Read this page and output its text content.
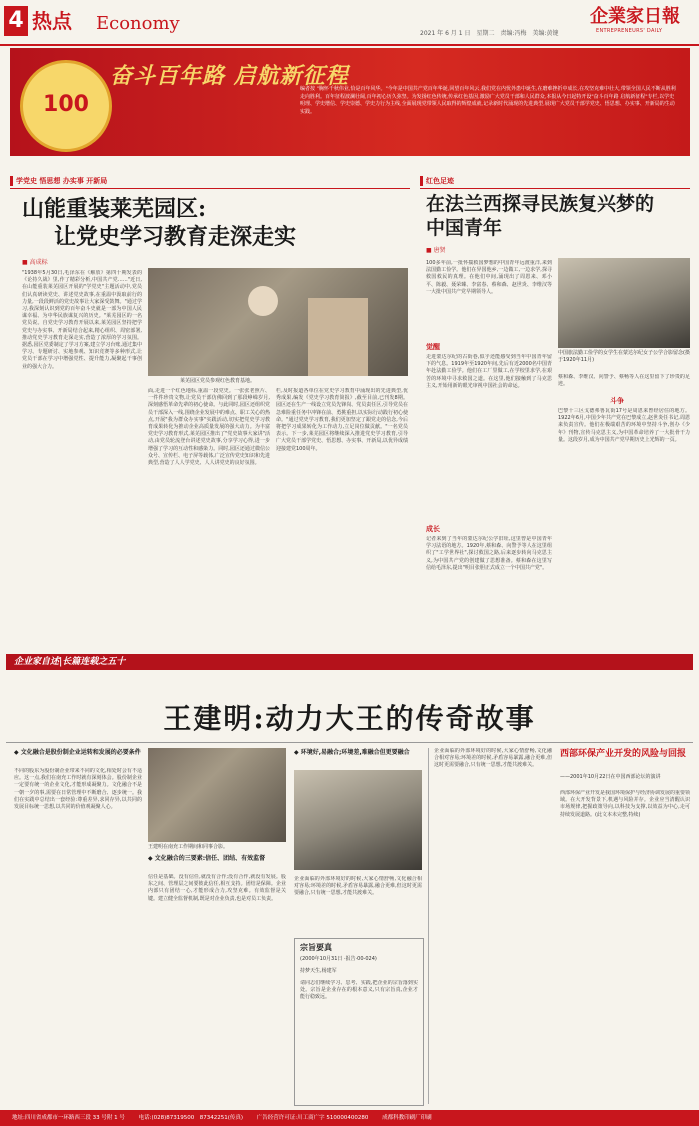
4 热点 Economy	2021 年 6 月 1 日　星期二　责编:冯梅　美编:黄键
企業家日報
ENTREPRENEURS' DAILY
100
奋斗百年路 启航新征程
编者按 "胸怀千秋伟业,恰是百年风华。"今年是中国共产党百年华诞,回望百年风云,我们党在内忧外患中诞生,在磨难挫折中成长,在攻坚克难中壮大,带领全国人民不断从胜利走向胜利。百年征程波澜壮阔,百年初心历久弥坚。为发扬红色传统,传承红色基因,激励广大党员干部和人民群众,本报从今日起特开设"奋斗百年路 启航新征程"专栏,以学史明理、学史增信、学史崇德、学史力行为主线,全面展现党带领人民取得的辉煌成就,记录新时代涌现的先进典型,展现广大党员干部学党史、悟思想、办实事、开新局的生动实践。
学党史 悟思想 办实事 开新局
山能重装莱芜园区:
让党史学习教育走深走实
■ 高成标
"1938年5月30日,毛泽东在《解放》第四十期发表的《论持久战》里,作了精彩分析,中国共产党……"近日,在山能重装莱芜园区开展的"学党史"主题活动中,党员们认真研读党史、讲述党史故事,在重温中汲取前行的力量,一段段鲜活的党史故事让大家深受鼓舞。"通过学习,我深刻认识到党的百年奋斗史就是一部为中国人民谋幸福、为中华民族谋复兴的历史。"莱芜园区的一名党员说。自党史学习教育开展以来,莱芜园区坚持把学党史与办实事、开新局结合起来,精心组织、周密部署,推动党史学习教育走深走实,营造了浓厚的学习氛围。据悉,园区党委制定了学习方案,建立学习台账,通过集中学习、专题研讨、实地参观、知识竞赛等多种形式,让党员干部在学习中增强党性、提升能力,凝聚起干事创业的强大合力。
莱芜园区党员参观红色教育基地。
面,走进一个红色地标,重温一段党史。一张张老照片、一件件珍贵文物,让党员干部仿佛回到了那段峥嵘岁月,深刻感悟革命先辈的初心使命。与此同时,园区还组织党员干部深入一线,围绕企业发展中的难点、职工关心的热点,开展"我为群众办实事"实践活动,切实把党史学习教育成果转化为推动企业高质量发展的强大动力。为丰富党史学习教育形式,莱芜园区推出了"党史故事大家讲"活动,由党员轮流登台讲述党史故事,分享学习心得,进一步增强了学习的互动性和感染力。同时,园区还通过微信公众号、宣传栏、电子屏等载体,广泛宣传党史知识和先进典型,营造了人人学党史、人人讲党史的良好氛围。
栏,及时报道各单位在党史学习教育中涌现出的先进典型,优秀成果,编发《党史学习教育简报》,截至目前,已刊发8期。园区还在生产一线设立党员先锋岗、党员责任区,引导党员在急难险重任务中冲锋在前、勇挑重担,以实际行动践行初心使命。"通过党史学习教育,我们更加坚定了跟党走的信念,今后将把学习成果转化为工作动力,立足岗位做贡献。"一名党员表示。下一步,莱芜园区将继续深入推进党史学习教育,引导广大党员干部学党史、悟思想、办实事、开新局,以优异成绩迎接建党100周年。
红色足迹
在法兰西探寻民族复兴梦的
中国青年
■ 唐贤
100多年前,一批怀揣救国梦想的中国青年远渡重洋,来到法国勤工俭学。他们在异国他乡,一边做工,一边求学,探寻救国救民的真理。在他们中间,涌现出了周恩来、邓小平、陈毅、聂荣臻、李富春、蔡和森、赵世炎、李维汉等一大批中国共产党早期领导人。
觉醒
走进蒙达尔纪的古街巷,似乎还能感受到当年中国青年留下的气息。1919年至1920年间,先后有近2000名中国青年赴法勤工俭学。他们在工厂里做工,在学校里求学,在艰苦的环境中寻求救国之道。在这里,他们接触到了马克思主义,开始用新的眼光审视中国社会的命运。
成长
记者来到了当年的蒙达尔纪公学旧址,这里曾是中国青年学习法语的地方。1920年,蔡和森、向警予等人在这里组织了"工学世界社",探讨救国之路,后来逐步转向马克思主义,为中国共产党的创建做了思想准备。蔡和森在这里写信给毛泽东,提出"明目张胆正式成立一个中国共产党"。
中国旅法勤工俭学的女学生在蒙达尔纪女子公学合影留念(摄于1920年11月)
蔡和森、李维汉、向警予、蔡畅等人在这里留下了珍贵的足迹。
斗争
巴黎十三区戈德弗鲁瓦街17号是周恩来曾经居住的地方。1922年6月,中国少年共产党在巴黎成立,赵世炎任书记,周恩来负责宣传。他们在极端艰苦的环境中坚持斗争,创办《少年》刊物,宣传马克思主义,为中国革命培养了一大批骨干力量。这段岁月,成为中国共产党早期历史上光辉的一页。
企业家自述|长篇连载之五十
王建明:动力大王的传奇故事
◆ 文化融合是股份制企业运转和发展的必要条件
不同的股东为股份制企业带来不同的文化,相处时会有不适应。这一点,我们在南充工作时就有深刻体会。股份制企业一定要有统一的企业文化,才能形成凝聚力。文化融合不是一朝一夕的事,需要在日常管理中不断磨合、逐步统一。我们在实践中总结出一套经验:尊重差异,求同存异,以共同的发展目标统一思想,以共同的价值观凝聚人心。
王建明在南充工作期间和同事合影。
◆ 文化融合的三要素:信任、团结、有效监督
信任是基础。没有信任,就没有合作;没有合作,就没有发展。股东之间、管理层之间要彼此信任,相互支持。团结是保障。企业内部只有团结一心,才能形成合力,攻坚克难。有效监督是关键。建立健全监督机制,既是对企业负责,也是对员工负责。
◆ 环境好,易融合;环境差,难融合但更要融合
企业面临的外部环境好的时候,大家心情舒畅,文化融合相对容易;环境差的时候,矛盾容易暴露,融合更难,但这时更需要融合,只有统一思想,才能共渡难关。
宗旨要真
(2000年10月31日 ·报告·00-024)
持梦天生,杨建军
请同志们继续学习、思考、实践,把企业的宗旨落到实处。宗旨是企业存在的根本意义,只有宗旨真,企业才能行稳致远。
企业面临的外部环境好的时候,大家心情舒畅,文化融合相对容易;环境差的时候,矛盾容易暴露,融合更难,但这时更需要融合,只有统一思想,才能共渡难关。
西部环保产业开发的风险与回报
——2001年10月22日在中国西部论坛的演讲
西部环保产业开发是我国环境保护与经济协调发展的重要领域。在大开发背景下,机遇与风险并存。企业应当清醒认识市场规律,把握政策导向,以科技为支撑,以效益为中心,走可持续发展道路。(此文本未完整,特续)
地址:四川省成都市一环路西三段 33 号附 1 号	电话:(028)87319500　87342251(传真)	广告经营许可证:川工商广字 510000400280	成都科教印刷厂印刷
